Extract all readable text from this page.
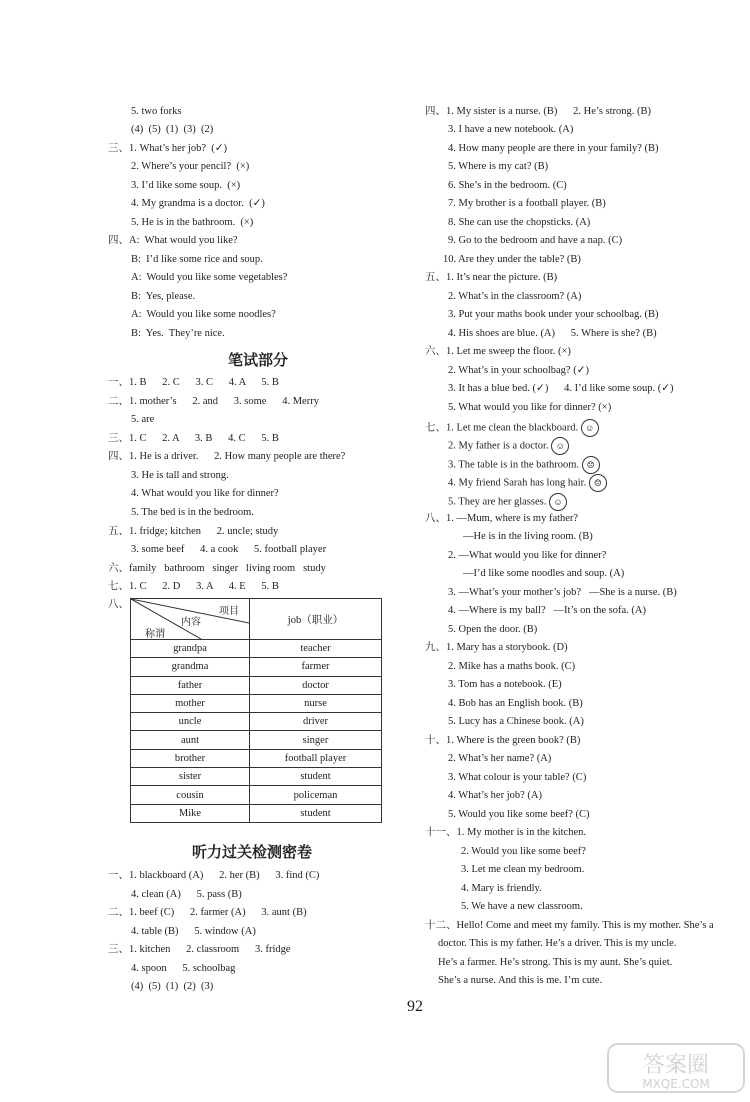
5. two forks
(4)  (5)  (1)  (3)  (2)
三、1. What’s her job?  (✓)
2. Where’s your pencil?  (×)
3. I’d like some soup.  (×)
4. My grandma is a doctor.  (✓)
5. He is in the bathroom.  (×)
四、A:  What would you like?
B:  I’d like some rice and soup.
A:  Would you like some vegetables?
B:  Yes, please.
A:  Would you like some noodles?
B:  Yes.  They’re nice.
笔试部分
一、1. B      2. C      3. C      4. A      5. B
二、1. mother’s      2. and      3. some      4. Merry
5. are
三、1. C      2. A      3. B      4. C      5. B
四、1. He is a driver.      2. How many people are there?
3. He is tall and strong.
4. What would you like for dinner?
5. The bed is in the bedroom.
五、1. fridge; kitchen      2. uncle; study
3. some beef      4. a cook      5. football player
六、family   bathroom   singer   living room   study
七、1. C      2. D      3. A      4. E      5. B
八、
项目
内容
称谓	job（职业）
grandpa	teacher
grandma	farmer
father	doctor
mother	nurse
uncle	driver
aunt	singer
brother	football player
sister	student
cousin	policeman
Mike	student
听力过关检测密卷
一、1. blackboard (A)      2. her (B)      3. find (C)
4. clean (A)      5. pass (B)
二、1. beef (C)      2. farmer (A)      3. aunt (B)
4. table (B)      5. window (A)
三、1. kitchen      2. classroom      3. fridge
4. spoon      5. schoolbag
(4)  (5)  (1)  (2)  (3)
四、1. My sister is a nurse. (B)      2. He’s strong. (B)
3. I have a new notebook. (A)
4. How many people are there in your family? (B)
5. Where is my cat? (B)
6. She’s in the bedroom. (C)
7. My brother is a football player. (B)
8. She can use the chopsticks. (A)
9. Go to the bedroom and have a nap. (C)
10. Are they under the table? (B)
五、1. It’s near the picture. (B)
2. What’s in the classroom? (A)
3. Put your maths book under your schoolbag. (B)
4. His shoes are blue. (A)      5. Where is she? (B)
六、1. Let me sweep the floor. (×)
2. What’s in your schoolbag? (✓)
3. It has a blue bed. (✓)      4. I’d like some soup. (✓)
5. What would you like for dinner? (×)
七、1. Let me clean the blackboard. ☺
2. My father is a doctor. ☺
3. The table is in the bathroom. ☹
4. My friend Sarah has long hair. ☹
5. They are her glasses. ☺
八、1. —Mum, where is my father?
—He is in the living room. (B)
2. —What would you like for dinner?
—I’d like some noodles and soup. (A)
3. —What’s your mother’s job?   —She is a nurse. (B)
4. —Where is my ball?   —It’s on the sofa. (A)
5. Open the door. (B)
九、1. Mary has a storybook. (D)
2. Mike has a maths book. (C)
3. Tom has a notebook. (E)
4. Bob has an English book. (B)
5. Lucy has a Chinese book. (A)
十、1. Where is the green book? (B)
2. What’s her name? (A)
3. What colour is your table? (C)
4. What’s her job? (A)
5. Would you like some beef? (C)
十一、1. My mother is in the kitchen.
2. Would you like some beef?
3. Let me clean my bedroom.
4. Mary is friendly.
5. We have a new classroom.
十二、Hello! Come and meet my family. This is my mother. She’s a
doctor. This is my father. He’s a driver. This is my uncle.
He’s a farmer. He’s strong. This is my aunt. She’s quiet.
She’s a nurse. And this is me. I’m cute.
92
答案圈
MXQE.COM
